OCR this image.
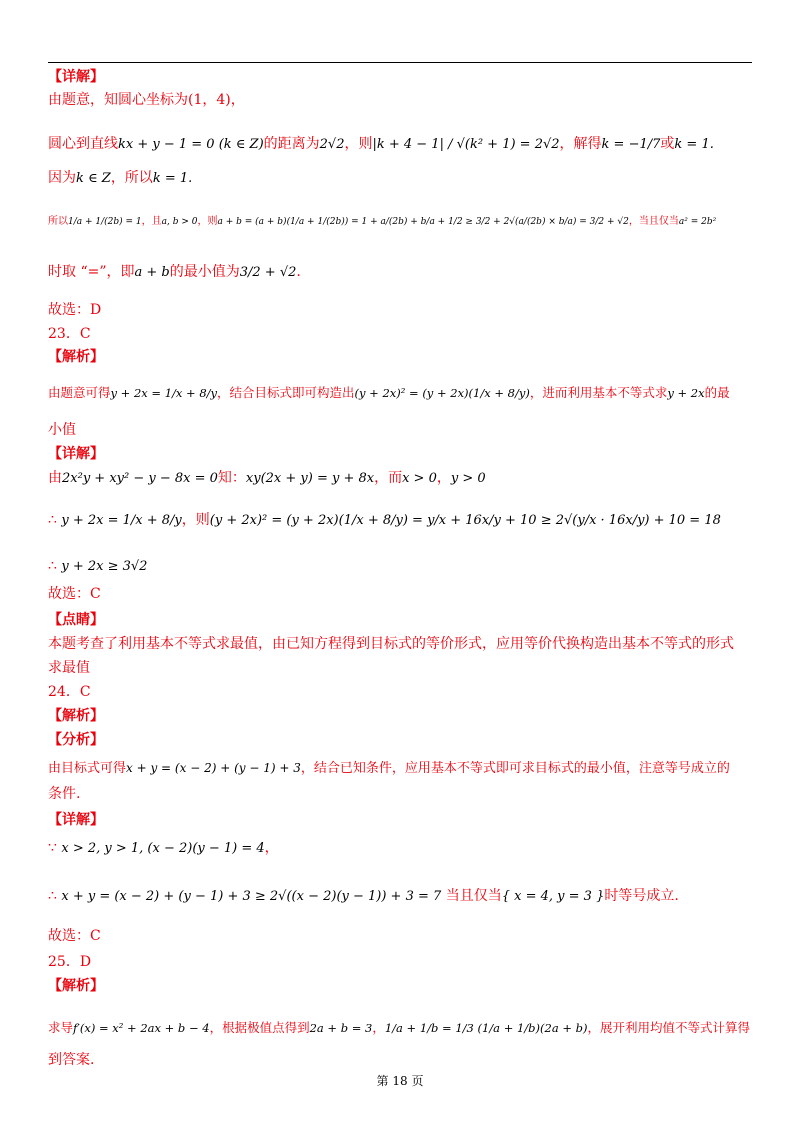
【详解】
由题意，知圆心坐标为(1，4)，
圆心到直线kx + y − 1 = 0 (k ∈ Z)的距离为2√2，则|k + 4 − 1| / √(k² + 1) = 2√2，解得k = −1/7或k = 1.
因为k ∈ Z，所以k = 1.
所以1/a + 1/(2b) = 1，且a, b > 0，则a + b = (a + b)(1/a + 1/(2b)) = 1 + a/(2b) + b/a + 1/2 ≥ 3/2 + 2√(a/(2b) × b/a) = 3/2 + √2，当且仅当a² = 2b²
时取 “=”，即a + b的最小值为3/2 + √2.
故选：D
23．C
【解析】
由题意可得y + 2x = 1/x + 8/y，结合目标式即可构造出(y + 2x)² = (y + 2x)(1/x + 8/y)，进而利用基本不等式求y + 2x的最
小值
【详解】
由2x²y + xy² − y − 8x = 0知：xy(2x + y) = y + 8x，而x > 0，y > 0
∴ y + 2x = 1/x + 8/y，则(y + 2x)² = (y + 2x)(1/x + 8/y) = y/x + 16x/y + 10 ≥ 2√(y/x · 16x/y) + 10 = 18
∴ y + 2x ≥ 3√2
故选：C
【点睛】
本题考查了利用基本不等式求最值，由已知方程得到目标式的等价形式，应用等价代换构造出基本不等式的形式
求最值
24．C
【解析】
【分析】
由目标式可得x + y = (x − 2) + (y − 1) + 3，结合已知条件，应用基本不等式即可求目标式的最小值，注意等号成立的
条件.
【详解】
∵ x > 2, y > 1, (x − 2)(y − 1) = 4，
∴ x + y = (x − 2) + (y − 1) + 3 ≥ 2√((x − 2)(y − 1)) + 3 = 7 当且仅当{ x = 4, y = 3 }时等号成立.
故选：C
25．D
【解析】
求导f′(x) = x² + 2ax + b − 4，根据极值点得到2a + b = 3，1/a + 1/b = 1/3 (1/a + 1/b)(2a + b)，展开利用均值不等式计算得
到答案.
第 18 页
